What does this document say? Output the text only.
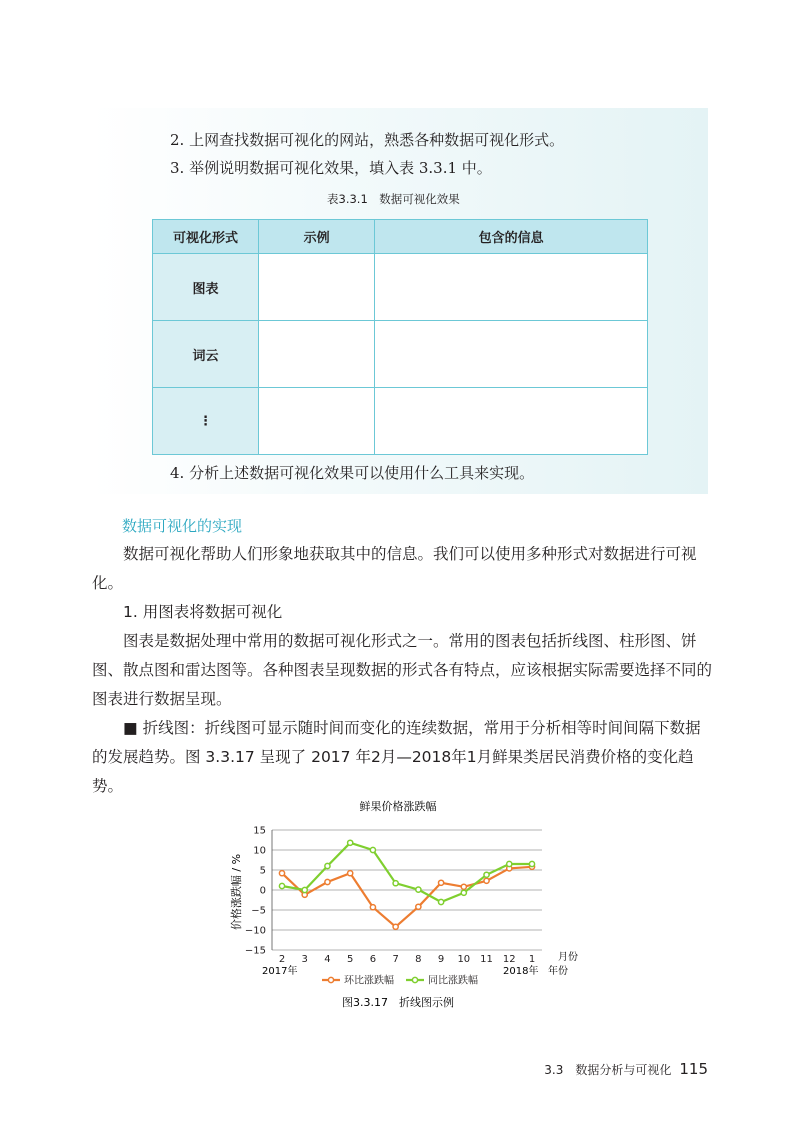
2. 上网查找数据可视化的网站，熟悉各种数据可视化形式。
3. 举例说明数据可视化效果，填入表 3.3.1 中。
表3.3.1　数据可视化效果
可视化形式	示例	包含的信息
图表		
词云		
⋮		
4. 分析上述数据可视化效果可以使用什么工具来实现。
数据可视化的实现

数据可视化帮助人们形象地获取其中的信息。我们可以使用多种形式对数据进行可视化。

1. 用图表将数据可视化

图表是数据处理中常用的数据可视化形式之一。常用的图表包括折线图、柱形图、饼图、散点图和雷达图等。各种图表呈现数据的形式各有特点，应该根据实际需要选择不同的图表进行数据呈现。

■ 折线图：折线图可显示随时间而变化的连续数据，常用于分析相等时间间隔下数据的发展趋势。图 3.3.17 呈现了 2017 年2月—2018年1月鲜果类居民消费价格的变化趋势。

鲜果价格涨跌幅
价格涨跌幅 / %
15
10
5
0
−5
−10
−15
2 3 4 5 6 7 8 9 10 11 12 1 月份
年份
2017年	2018年
环比涨跌幅	同比涨跌幅
图3.3.17　折线图示例
3.3　数据分析与可视化 115
